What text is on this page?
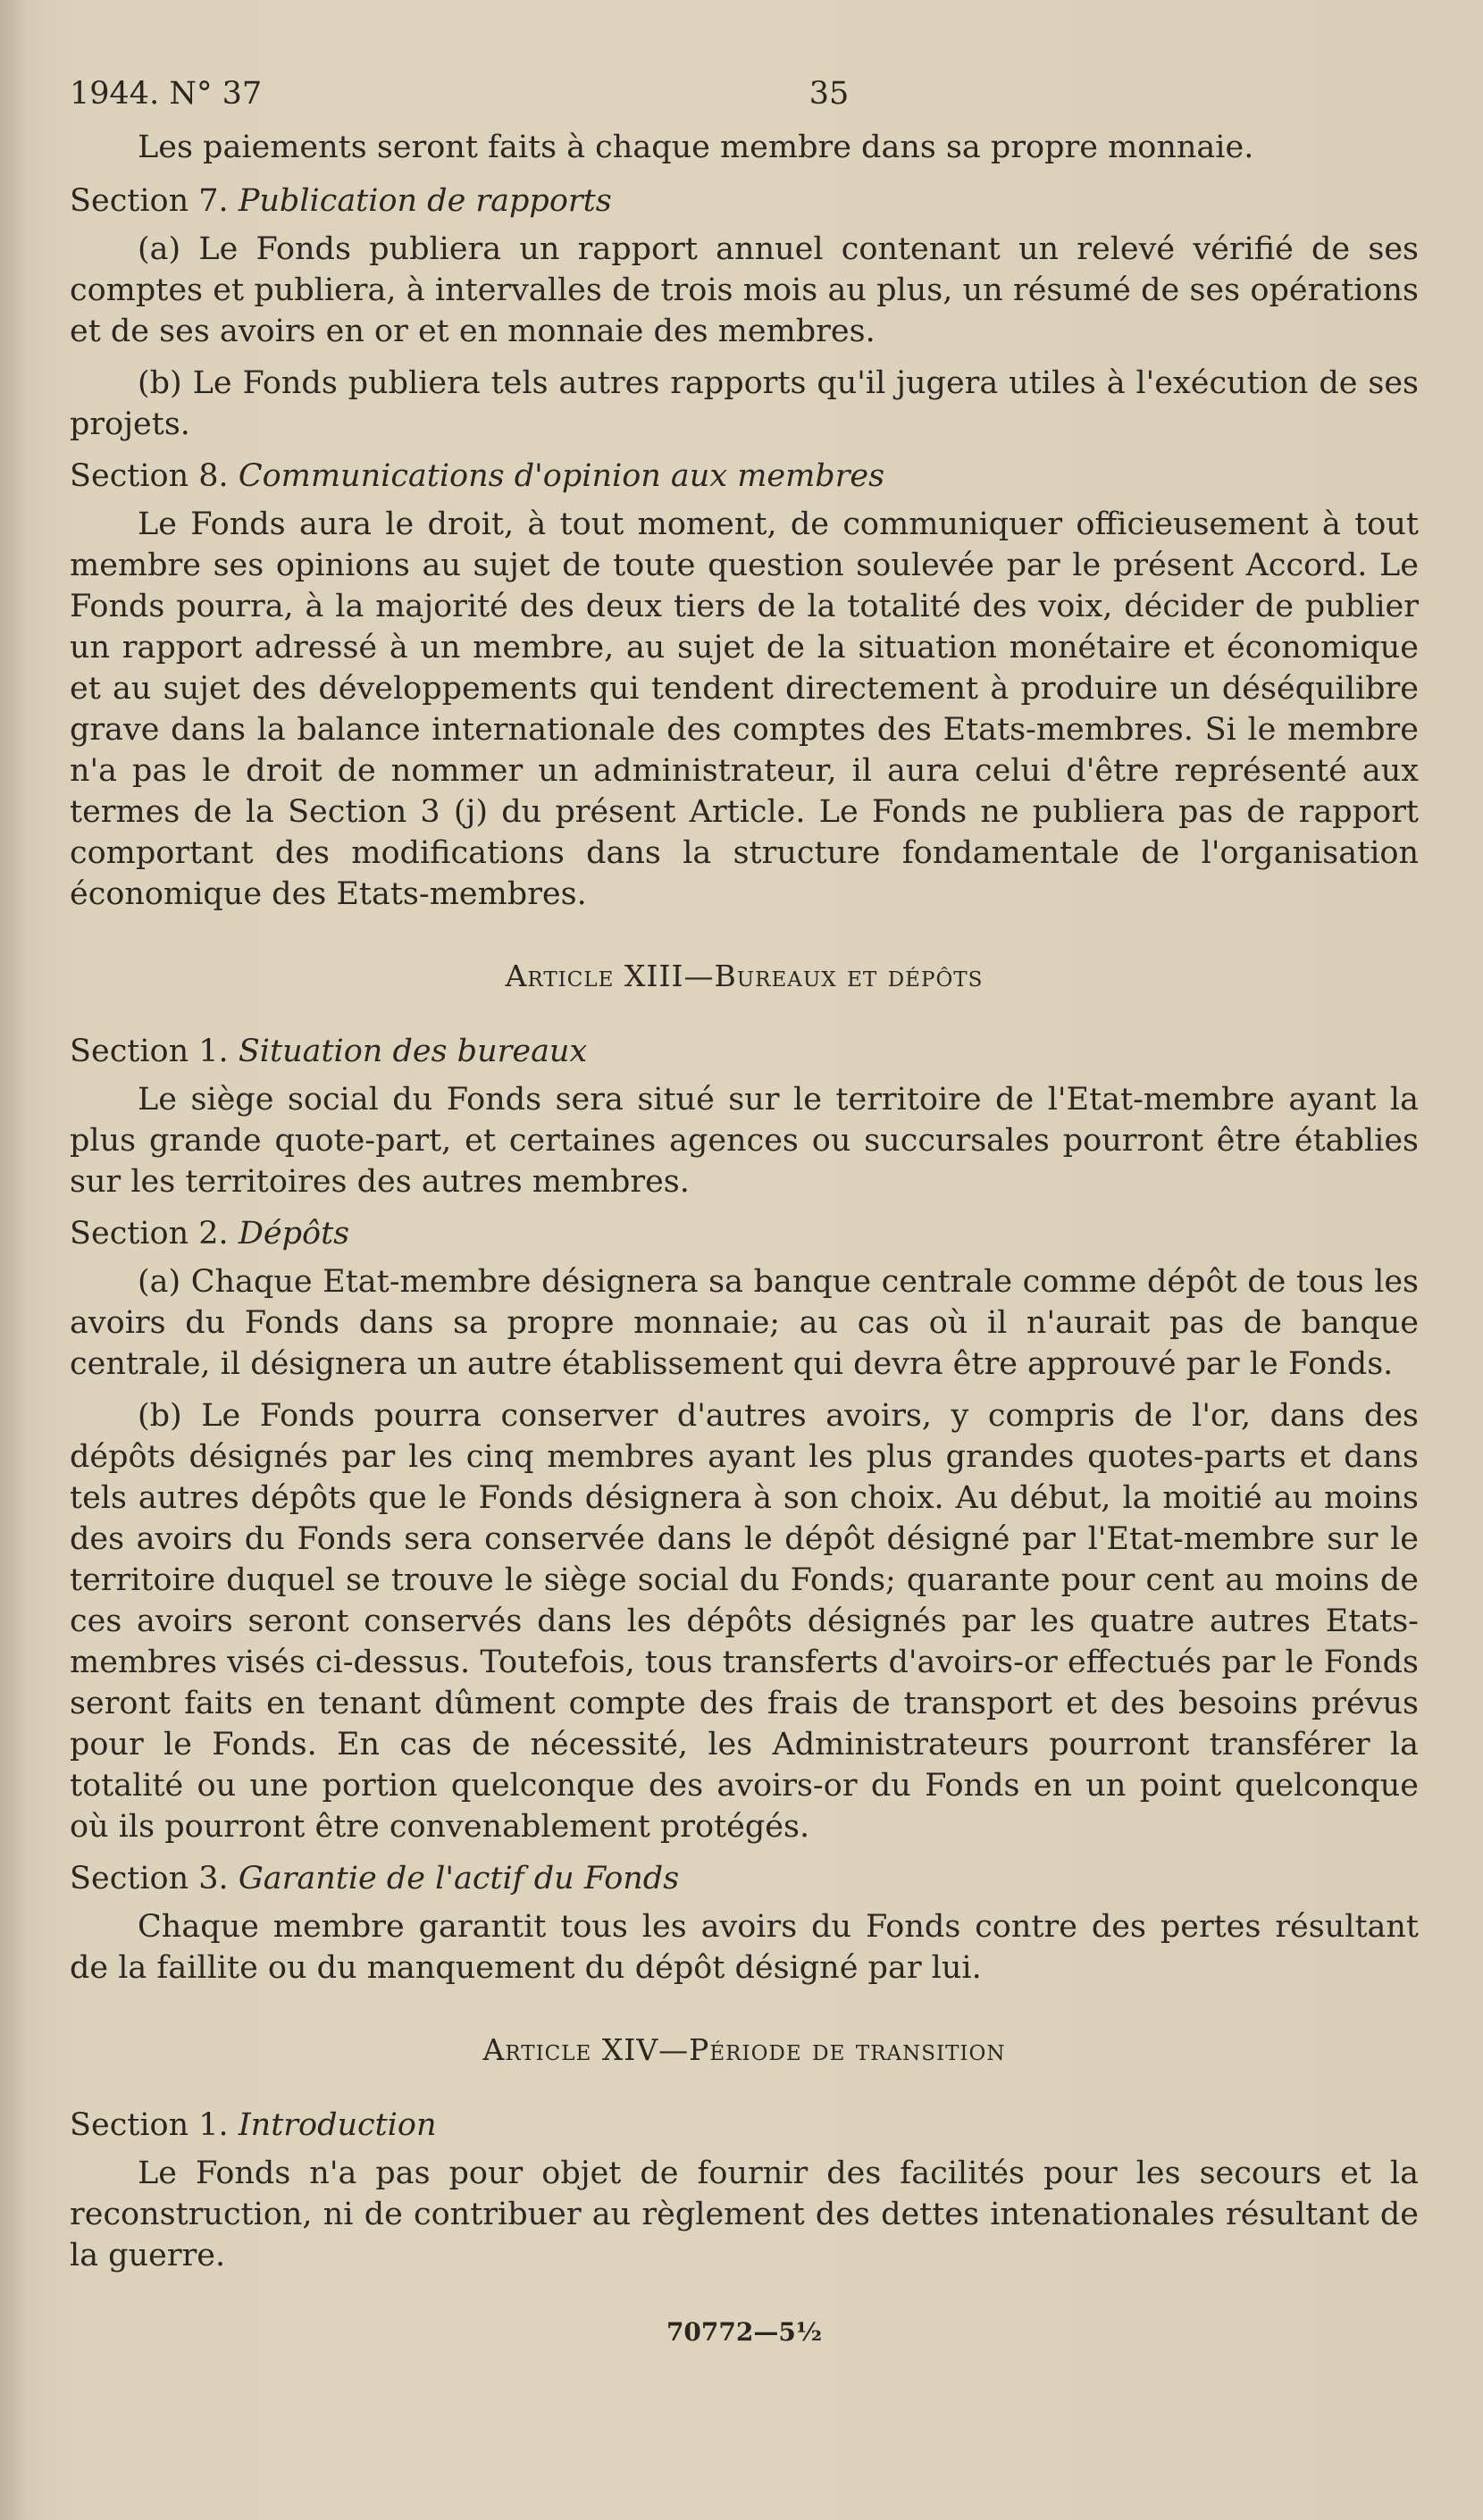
1944. N° 37	35

Les paiements seront faits à chaque membre dans sa propre monnaie.

Section 7. Publication de rapports

(a) Le Fonds publiera un rapport annuel contenant un relevé vérifié de ses comptes et publiera, à intervalles de trois mois au plus, un résumé de ses opérations et de ses avoirs en or et en monnaie des membres.

(b) Le Fonds publiera tels autres rapports qu'il jugera utiles à l'exécution de ses projets.

Section 8. Communications d'opinion aux membres

Le Fonds aura le droit, à tout moment, de communiquer officieusement à tout membre ses opinions au sujet de toute question soulevée par le présent Accord. Le Fonds pourra, à la majorité des deux tiers de la totalité des voix, décider de publier un rapport adressé à un membre, au sujet de la situation monétaire et économique et au sujet des développements qui tendent directement à produire un déséquilibre grave dans la balance internationale des comptes des Etats-membres. Si le membre n'a pas le droit de nommer un administrateur, il aura celui d'être représenté aux termes de la Section 3 (j) du présent Article. Le Fonds ne publiera pas de rapport comportant des modifications dans la structure fondamentale de l'organisation économique des Etats-membres.

Article XIII—Bureaux et dépôts
Section 1. Situation des bureaux

Le siège social du Fonds sera situé sur le territoire de l'Etat-membre ayant la plus grande quote-part, et certaines agences ou succursales pourront être établies sur les territoires des autres membres.

Section 2. Dépôts

(a) Chaque Etat-membre désignera sa banque centrale comme dépôt de tous les avoirs du Fonds dans sa propre monnaie; au cas où il n'aurait pas de banque centrale, il désignera un autre établissement qui devra être approuvé par le Fonds.

(b) Le Fonds pourra conserver d'autres avoirs, y compris de l'or, dans des dépôts désignés par les cinq membres ayant les plus grandes quotes-parts et dans tels autres dépôts que le Fonds désignera à son choix. Au début, la moitié au moins des avoirs du Fonds sera conservée dans le dépôt désigné par l'Etat-membre sur le territoire duquel se trouve le siège social du Fonds; quarante pour cent au moins de ces avoirs seront conservés dans les dépôts désignés par les quatre autres Etats-membres visés ci-dessus. Toutefois, tous transferts d'avoirs-or effectués par le Fonds seront faits en tenant dûment compte des frais de transport et des besoins prévus pour le Fonds. En cas de nécessité, les Administrateurs pourront transférer la totalité ou une portion quelconque des avoirs-or du Fonds en un point quelconque où ils pourront être convenablement protégés.

Section 3. Garantie de l'actif du Fonds

Chaque membre garantit tous les avoirs du Fonds contre des pertes résultant de la faillite ou du manquement du dépôt désigné par lui.

Article XIV—Période de transition
Section 1. Introduction

Le Fonds n'a pas pour objet de fournir des facilités pour les secours et la reconstruction, ni de contribuer au règlement des dettes intenationales résultant de la guerre.

70772—5½
